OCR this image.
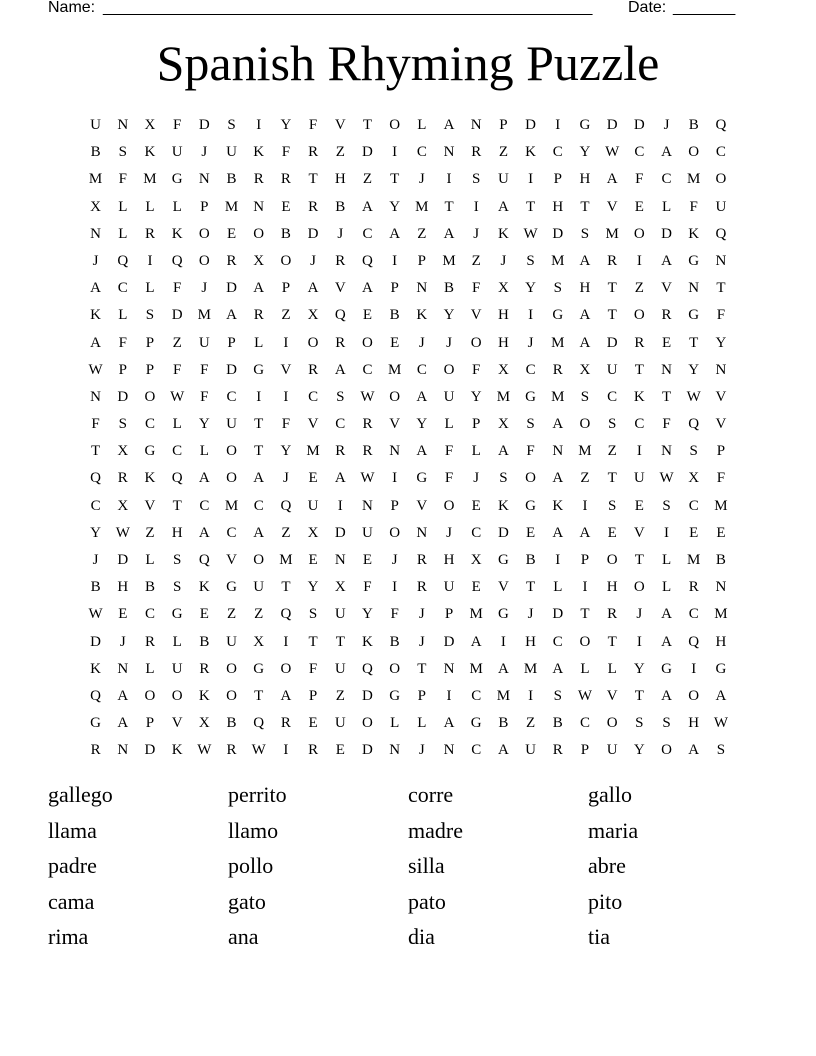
Name: _______________________________________________________ Date: _______
Spanish Rhyming Puzzle
U N X F D S I Y F V T O L A N P D I G D D J B Q
B S K U J U K F R Z D I C N R Z K C Y W C A O C
M F M G N B R R T H Z T J I S U I P H A F C M O
X L L L P M N E R B A Y M T I A T H T V E L F U
N L R K O E O B D J C A Z A J K W D S M O D K Q
J Q I Q O R X O J R Q I P M Z J S M A R I A G N
A C L F J D A P A V A P N B F X Y S H T Z V N T
K L S D M A R Z X Q E B K Y V H I G A T O R G F
A F P Z U P L I O R O E J J O H J M A D R E T Y
W P P F F D G V R A C M C O F X C R X U T N Y N
N D O W F C I I C S W O A U Y M G M S C K T W V
F S C L Y U T F V C R V Y L P X S A O S C F Q V
T X G C L O T Y M R R N A F L A F N M Z I N S P
Q R K Q A O A J E A W I G F J S O A Z T U W X F
C X V T C M C Q U I N P V O E K G K I S E S C M
Y W Z H A C A Z X D U O N J C D E A A E V I E E
J D L S Q V O M E N E J R H X G B I P O T L M B
B H B S K G U T Y X F I R U E V T L I H O L R N
W E C G E Z Z Q S U Y F J P M G J D T R J A C M
D J R L B U X I T T K B J D A I H C O T I A Q H
K N L U R O G O F U Q O T N M A M A L L Y G I G
Q A O O K O T A P Z D G P I C M I S W V T A O A
G A P V X B Q R E U O L L A G B Z B C O S S H W
R N D K W R W I R E D N J N C A U R P U Y O A S
gallego	perrito	corre	gallo
llama	llamo	madre	maria
padre	pollo	silla	abre
cama	gato	pato	pito
rima	ana	dia	tia
